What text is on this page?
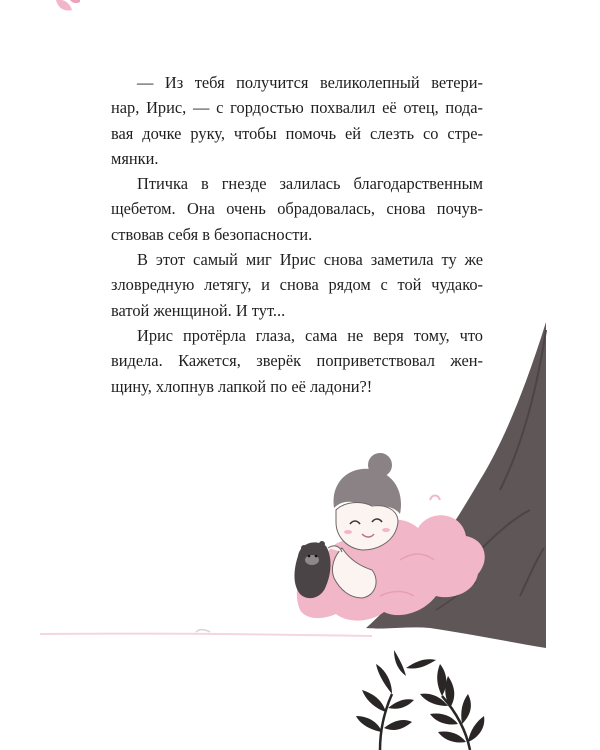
— Из тебя получится великолепный ветери-
нар, Ирис, — с гордостью похвалил её отец, пода-
вая дочке руку, чтобы помочь ей слезть со стре-
мянки.

Птичка в гнезде залилась благодарственным
щебетом. Она очень обрадовалась, снова почув-
ствовав себя в безопасности.

В этот самый миг Ирис снова заметила ту же
зловредную летягу, и снова рядом с той чудако-
ватой женщиной. И тут...

Ирис протёрла глаза, сама не веря тому, что
видела. Кажется, зверёк поприветствовал жен-
щину, хлопнув лапкой по её ладони?!
